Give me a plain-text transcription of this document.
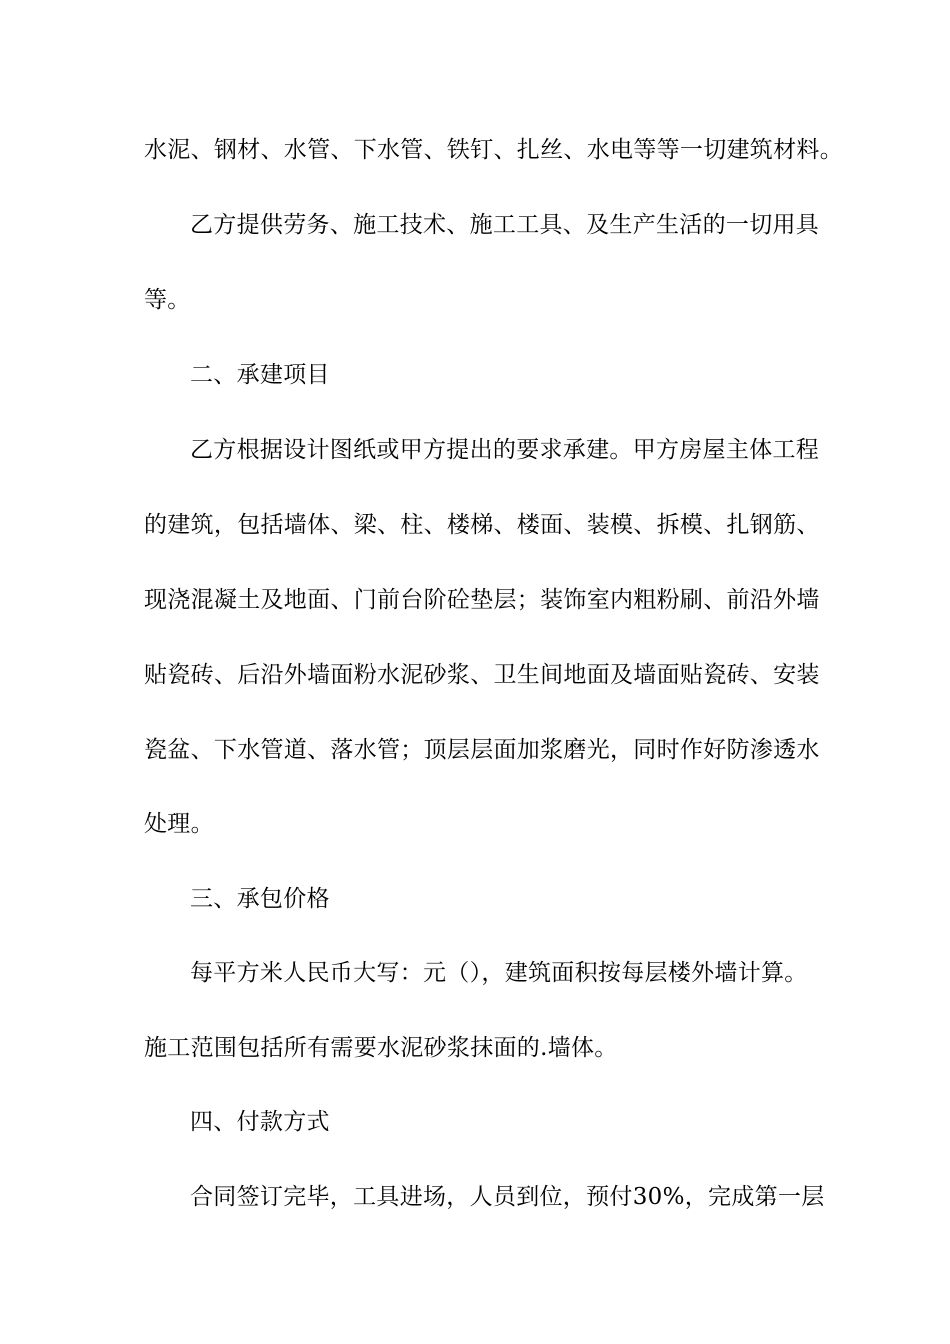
水泥、钢材、水管、下水管、铁钉、扎丝、水电等等一切建筑材料。
乙方提供劳务、施工技术、施工工具、及生产生活的一切用具
等。
二、承建项目
乙方根据设计图纸或甲方提出的要求承建。甲方房屋主体工程
的建筑，包括墙体、梁、柱、楼梯、楼面、装模、拆模、扎钢筋、
现浇混凝土及地面、门前台阶砼垫层；装饰室内粗粉刷、前沿外墙
贴瓷砖、后沿外墙面粉水泥砂浆、卫生间地面及墙面贴瓷砖、安装
瓷盆、下水管道、落水管；顶层层面加浆磨光，同时作好防渗透水
处理。
三、承包价格
每平方米人民币大写：元（），建筑面积按每层楼外墙计算。
施工范围包括所有需要水泥砂浆抹面的.墙体。
四、付款方式
合同签订完毕，工具进场，人员到位，预付30%，完成第一层
